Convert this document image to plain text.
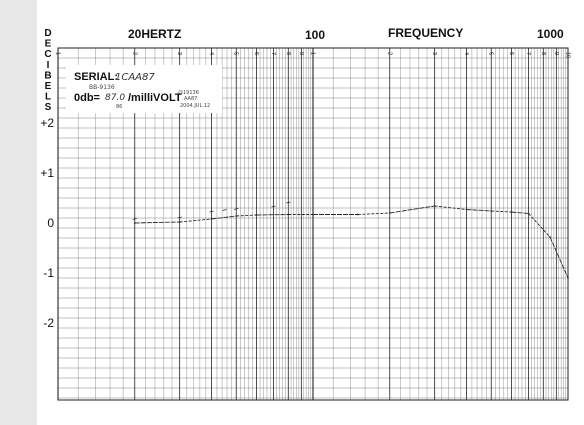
D
E
C
I
B
E
L
S
20HERTZ	100	FREQUENCY	1000
1	2	3	4	5	6 7 8 9 1	2	3	4	5	6 7 8 9 10
+2
+1
0
-1
-2
SERIAL:
1CAA87
BB-9136
0db= 87.0 /milliVOLT
86
@19136
AA87
2004.JUL.12
